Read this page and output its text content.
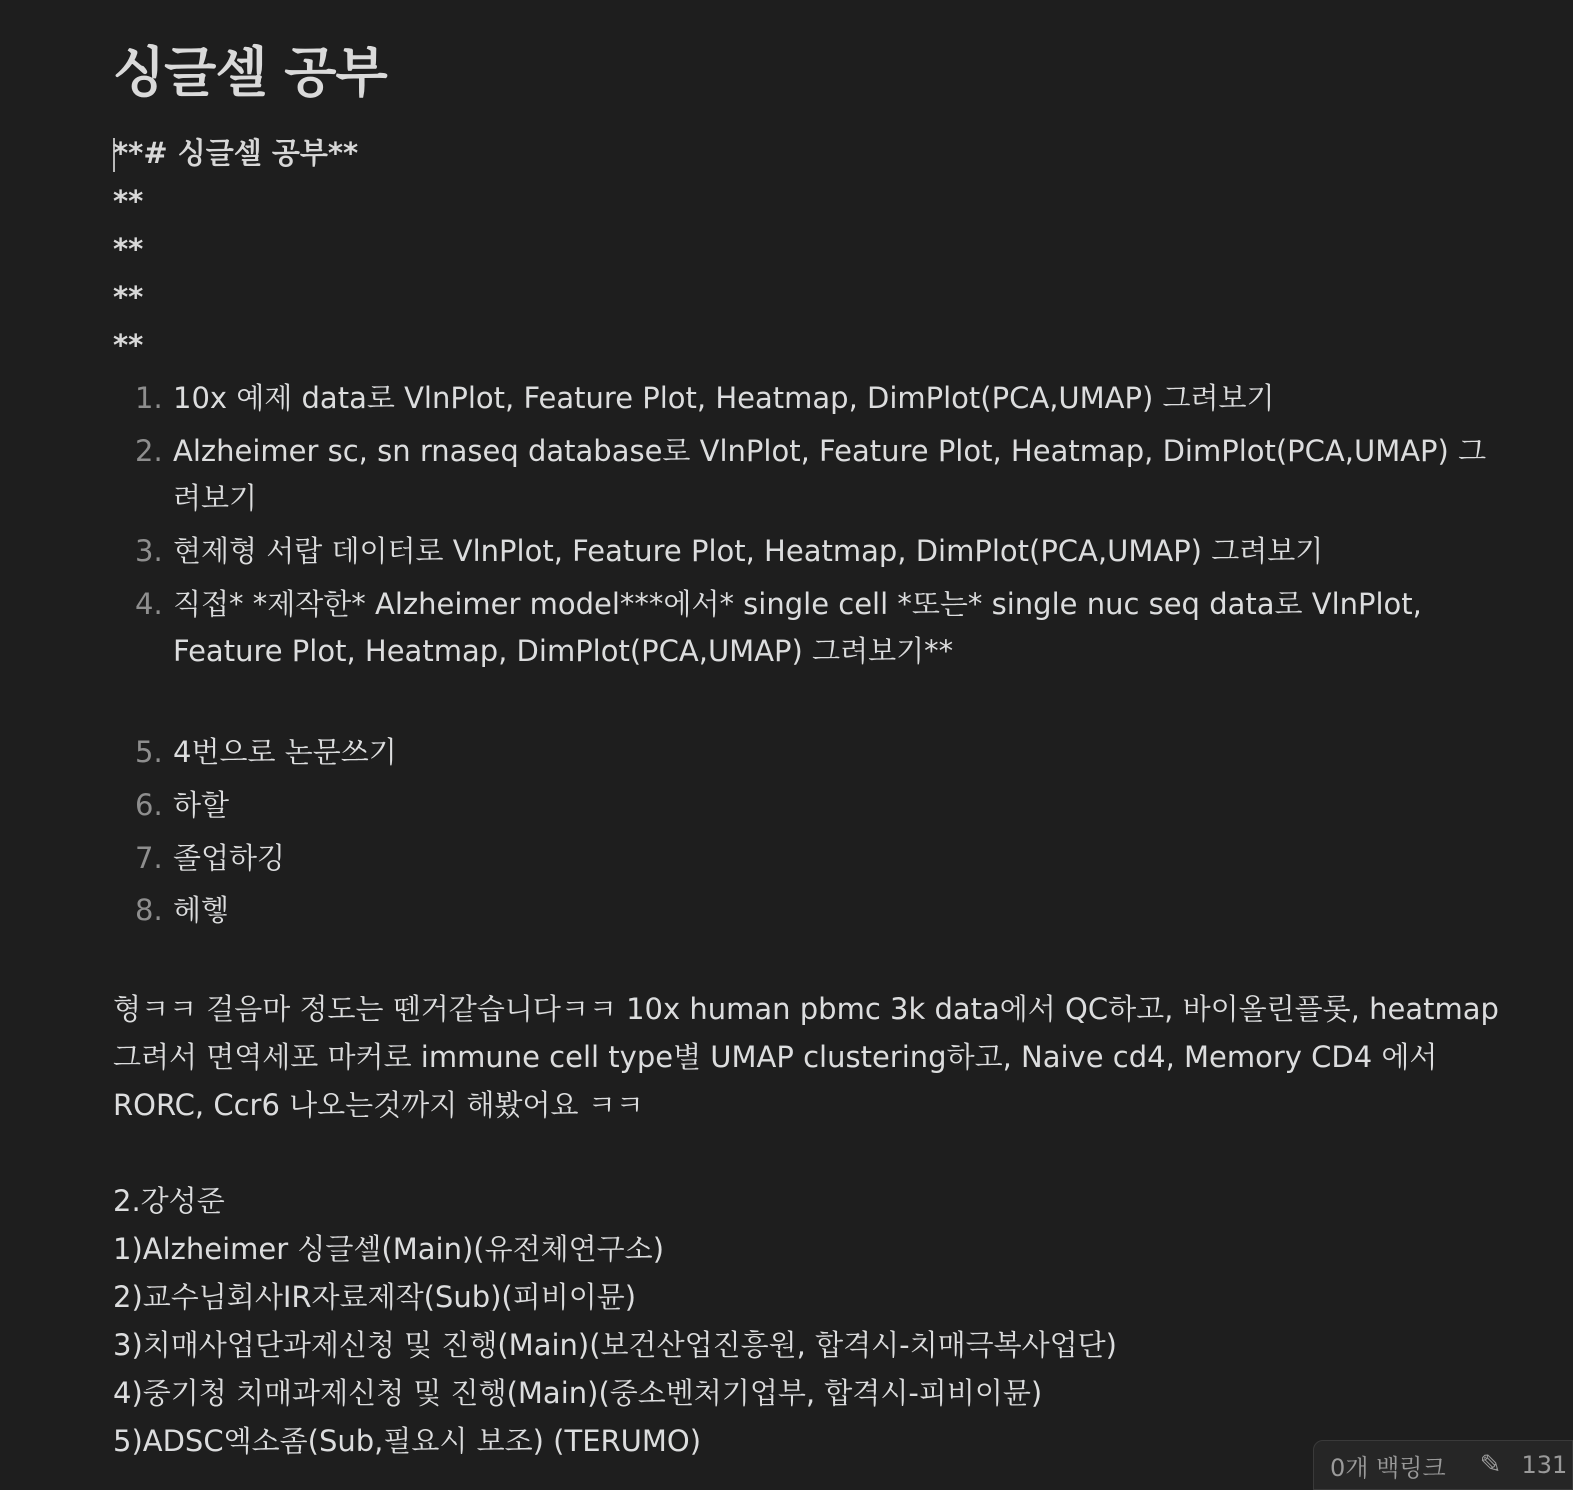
싱글셀 공부
**# 싱글셀 공부**
**
**
**
**
1. 10x 예제 data로 VlnPlot, Feature Plot, Heatmap, DimPlot(PCA,UMAP) 그려보기
2. Alzheimer sc, sn rnaseq database로 VlnPlot, Feature Plot, Heatmap, DimPlot(PCA,UMAP) 그려보기
3. 현제형 서랍 데이터로 VlnPlot, Feature Plot, Heatmap, DimPlot(PCA,UMAP) 그려보기
4. 직접* *제작한* Alzheimer model***에서* single cell *또는* single nuc seq data로 VlnPlot, Feature Plot, Heatmap, DimPlot(PCA,UMAP) 그려보기**
5. 4번으로 논문쓰기
6. 하할
7. 졸업하깅
8. 헤헿
형ㅋㅋ 걸음마 정도는 뗀거같습니다ㅋㅋ 10x human pbmc 3k data에서 QC하고, 바이올린플롯, heatmap그려서 면역세포 마커로 immune cell type별 UMAP clustering하고, Naive cd4, Memory CD4 에서 RORC, Ccr6 나오는것까지 해봤어요 ㅋㅋ
2.강성준
1)Alzheimer 싱글셀(Main)(유전체연구소)
2)교수님회사IR자료제작(Sub)(피비이뮨)
3)치매사업단과제신청 및 진행(Main)(보건산업진흥원, 합격시-치매극복사업단)
4)중기청 치매과제신청 및 진행(Main)(중소벤처기업부, 합격시-피비이뮨)
5)ADSC엑소좀(Sub,필요시 보조) (TERUMO)
0개 백링크 ✎ 131
